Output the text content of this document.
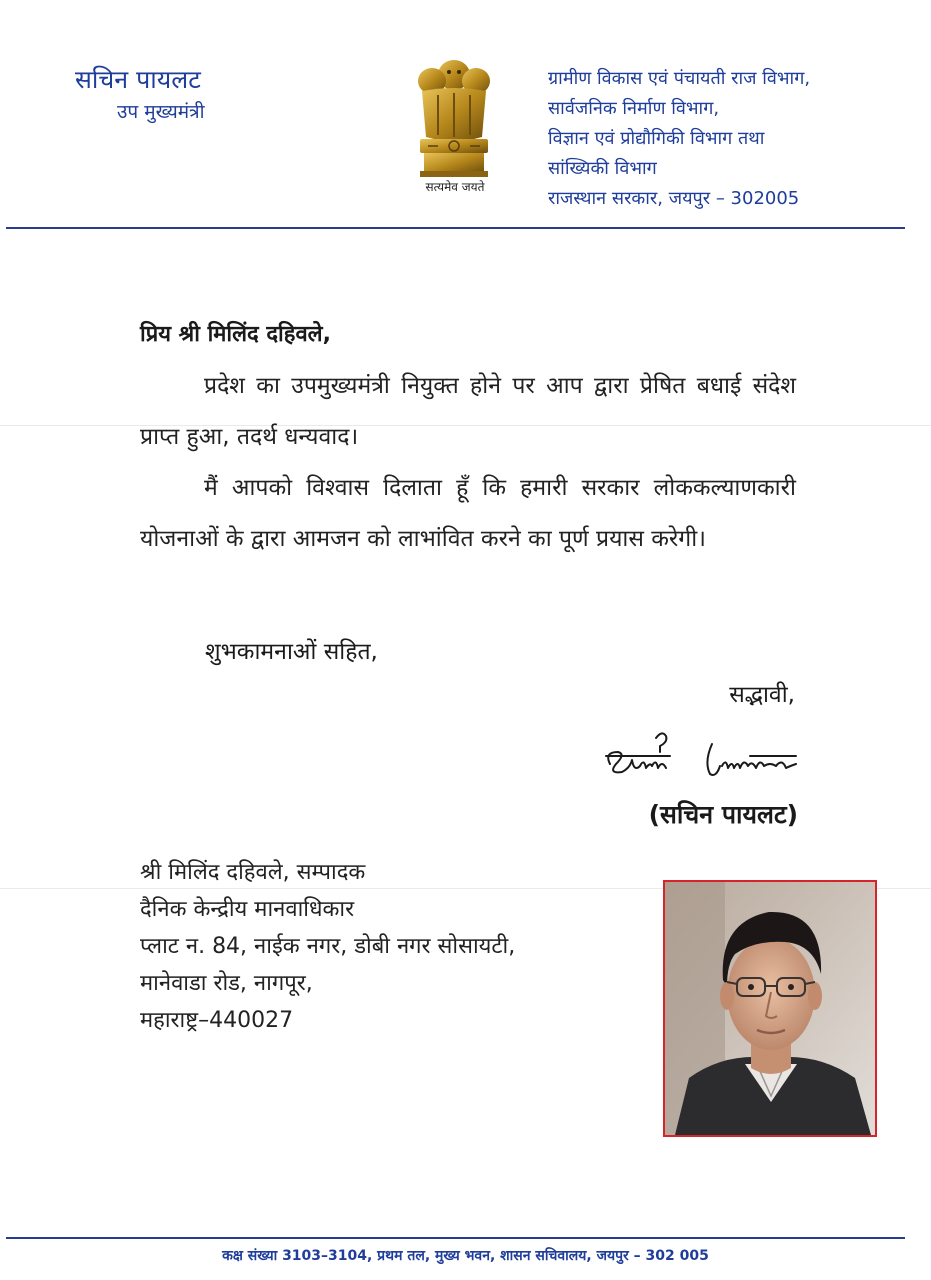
सचिन पायलट
उप मुख्यमंत्री
सत्यमेव जयते
ग्रामीण विकास एवं पंचायती राज विभाग,
सार्वजनिक निर्माण विभाग,
विज्ञान एवं प्रोद्यौगिकी विभाग तथा
सांख्यिकी विभाग
राजस्थान सरकार, जयपुर – 302005
प्रिय श्री मिलिंद दहिवले,
प्रदेश का उपमुख्यमंत्री नियुक्त होने पर आप द्वारा प्रेषित बधाई संदेश प्राप्त हुआ, तदर्थ धन्यवाद।
मैं आपको विश्वास दिलाता हूँ कि हमारी सरकार लोककल्याणकारी योजनाओं के द्वारा आमजन को लाभांवित करने का पूर्ण प्रयास करेगी।
शुभकामनाओं सहित,
सद्भावी,
(सचिन पायलट)
श्री मिलिंद दहिवले, सम्पादक
दैनिक केन्द्रीय मानवाधिकार
प्लाट न. 84, नाईक नगर, डोबी नगर सोसायटी,
मानेवाडा रोड, नागपूर,
महाराष्ट्र–440027
कक्ष संख्या 3103–3104, प्रथम तल, मुख्य भवन, शासन सचिवालय, जयपुर – 302 005
